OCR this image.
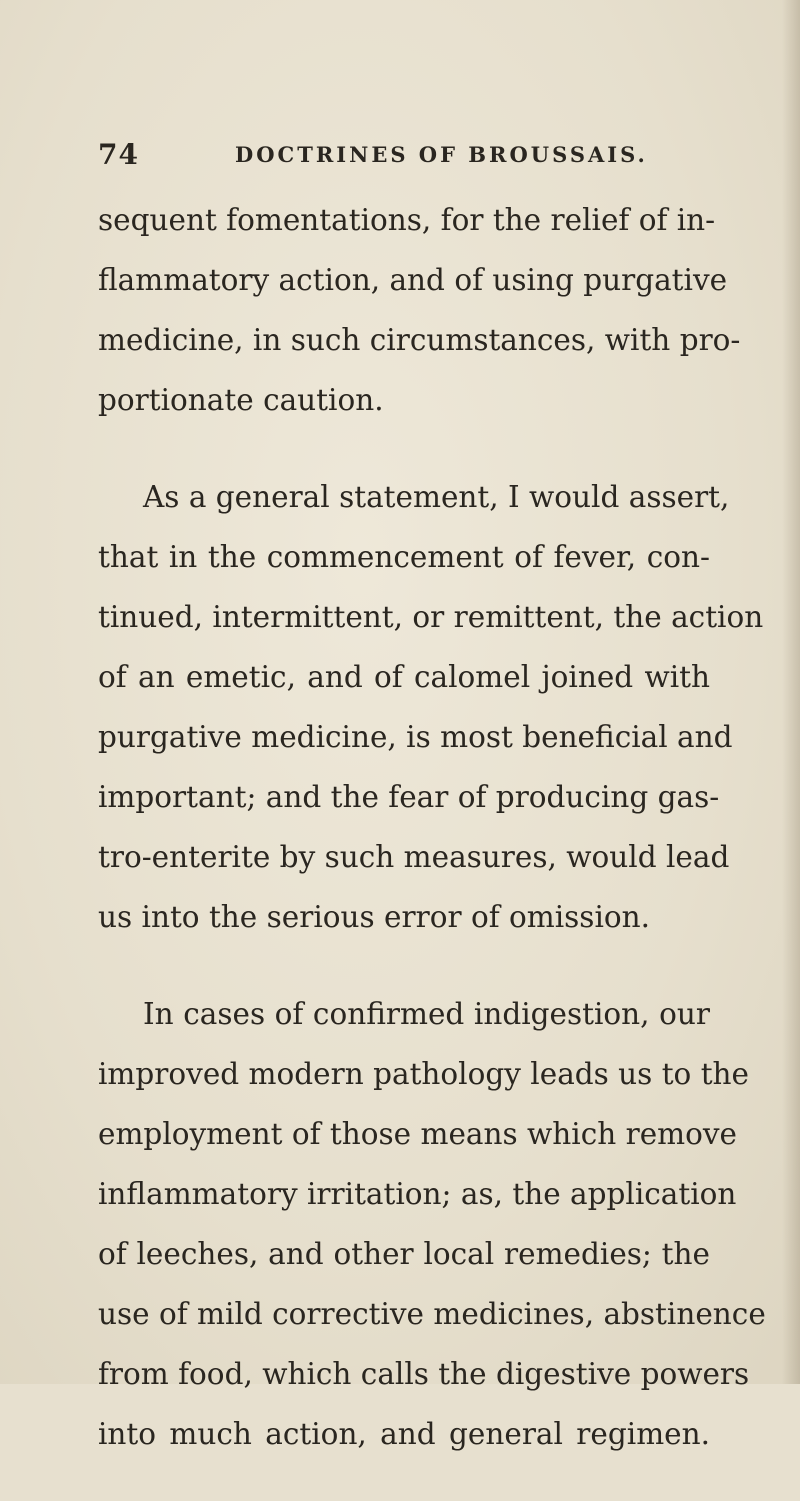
74	DOCTRINES OF BROUSSAIS.
sequent fomentations, for the relief of in-
flammatory action, and of using purgative
medicine, in such circumstances, with pro-
portionate caution.
As a general statement, I would assert,
that in the commencement of fever, con-
tinued, intermittent, or remittent, the action
of an emetic, and of calomel joined with
purgative medicine, is most beneficial and
important; and the fear of producing gas-
tro-enterite by such measures, would lead
us into the serious error of omission.
In cases of confirmed indigestion, our
improved modern pathology leads us to the
employment of those means which remove
inflammatory irritation; as, the application
of leeches, and other local remedies; the
use of mild corrective medicines, abstinence
from food, which calls the digestive powers
into much action, and general regimen.
